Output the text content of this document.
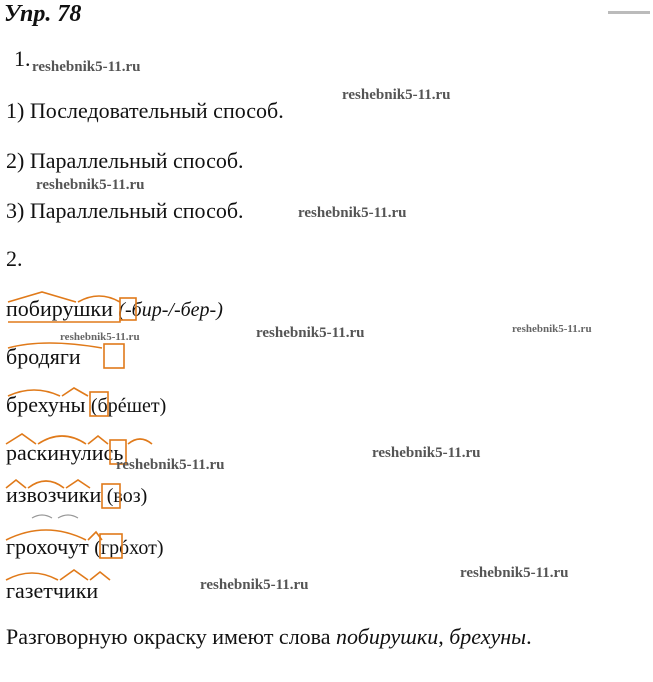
Упр. 78
1. reshebnik5-11.ru
1) Последовательный способ.
reshebnik5-11.ru
2) Параллельный способ.
reshebnik5-11.ru
3) Параллельный способ.	reshebnik5-11.ru
2.
побирушки (-бир-/-бер-)
reshebnik5-11.ru	reshebnik5-11.ru	reshebnik5-11.ru
бродяги
брехуны (брéшет)
раскинулись
reshebnik5-11.ru
reshebnik5-11.ru
извозчики (воз)
грохочут (грóхот)
газетчики	reshebnik5-11.ru
reshebnik5-11.ru
Разговорную окраску имеют слова побирушки, брехуны.
